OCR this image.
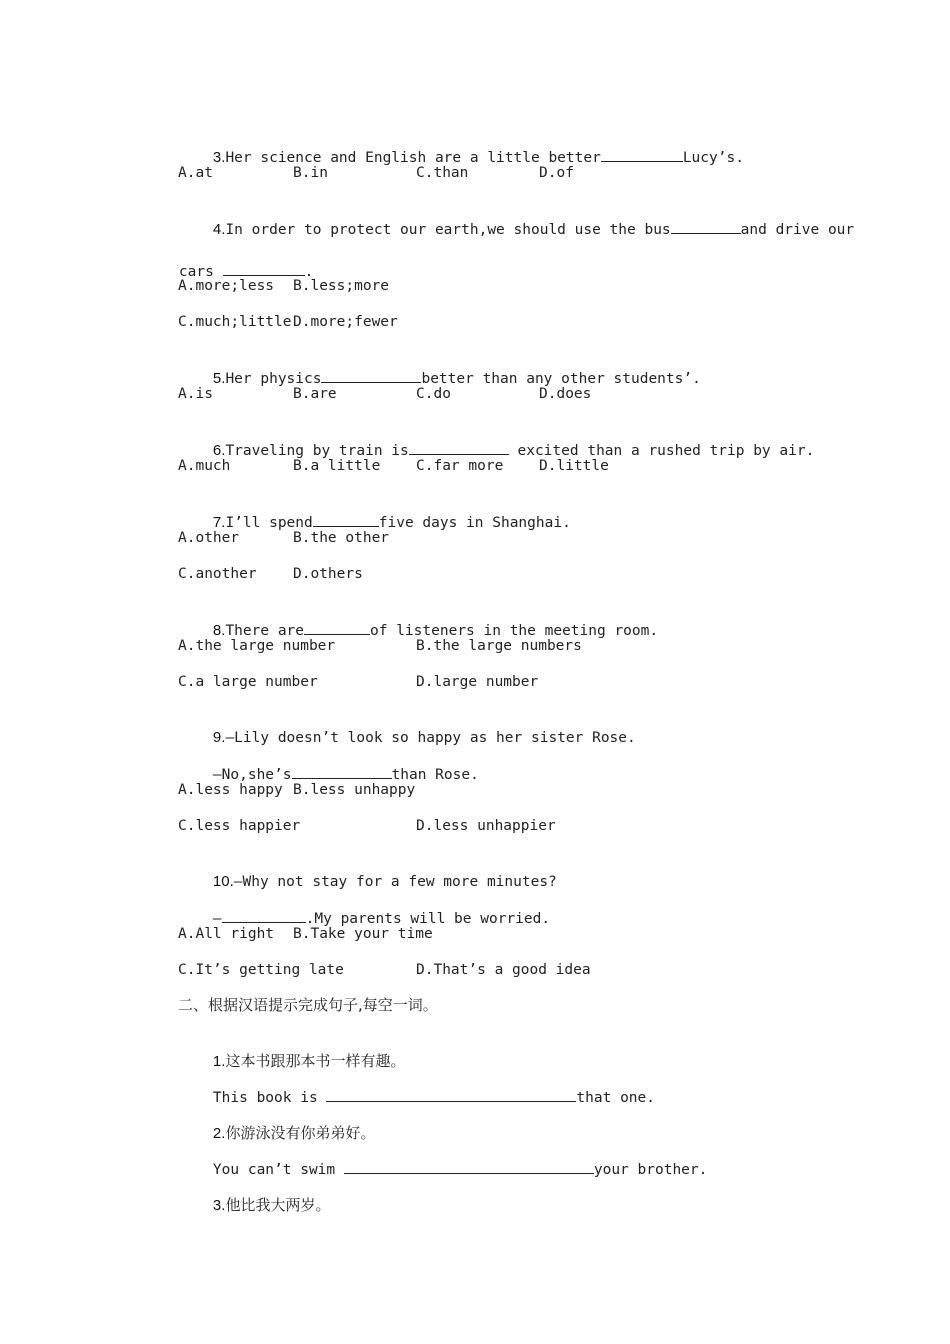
3.Her science and English are a little better	Lucy’s.

A.at	B.in	C.than	D.of

4.In order to protect our earth,we should use the bus	and drive our

cars	.

A.more;less B.less;more
C.much;little D.more;fewer

5.Her physics	better than any other students’.

A.is	B.are	C.do	D.does

6.Traveling by train is	excited than a rushed trip by air.

A.much	B.a little C.far more D.little

7.I’ll spend	five days in Shanghai.

A.other	B.the other
C.another	D.others

8.There are	of listeners in the meeting room.

A.the large number	B.the large numbers
C.a large number	D.large number

9.—Lily doesn’t look so happy as her sister Rose.

—No,she’s	than Rose.

A.less happy B.less unhappy
C.less happier	D.less unhappier

10.—Why not stay for a few more minutes?

—	.My parents will be worried.

A.All right B.Take your time
C.It’s getting late	D.That’s a good idea
二、根据汉语提示完成句子,每空一词。

1.这本书跟那本书一样有趣。

This book is	that one.

2.你游泳没有你弟弟好。

You can’t swim	your brother.

3.他比我大两岁。
